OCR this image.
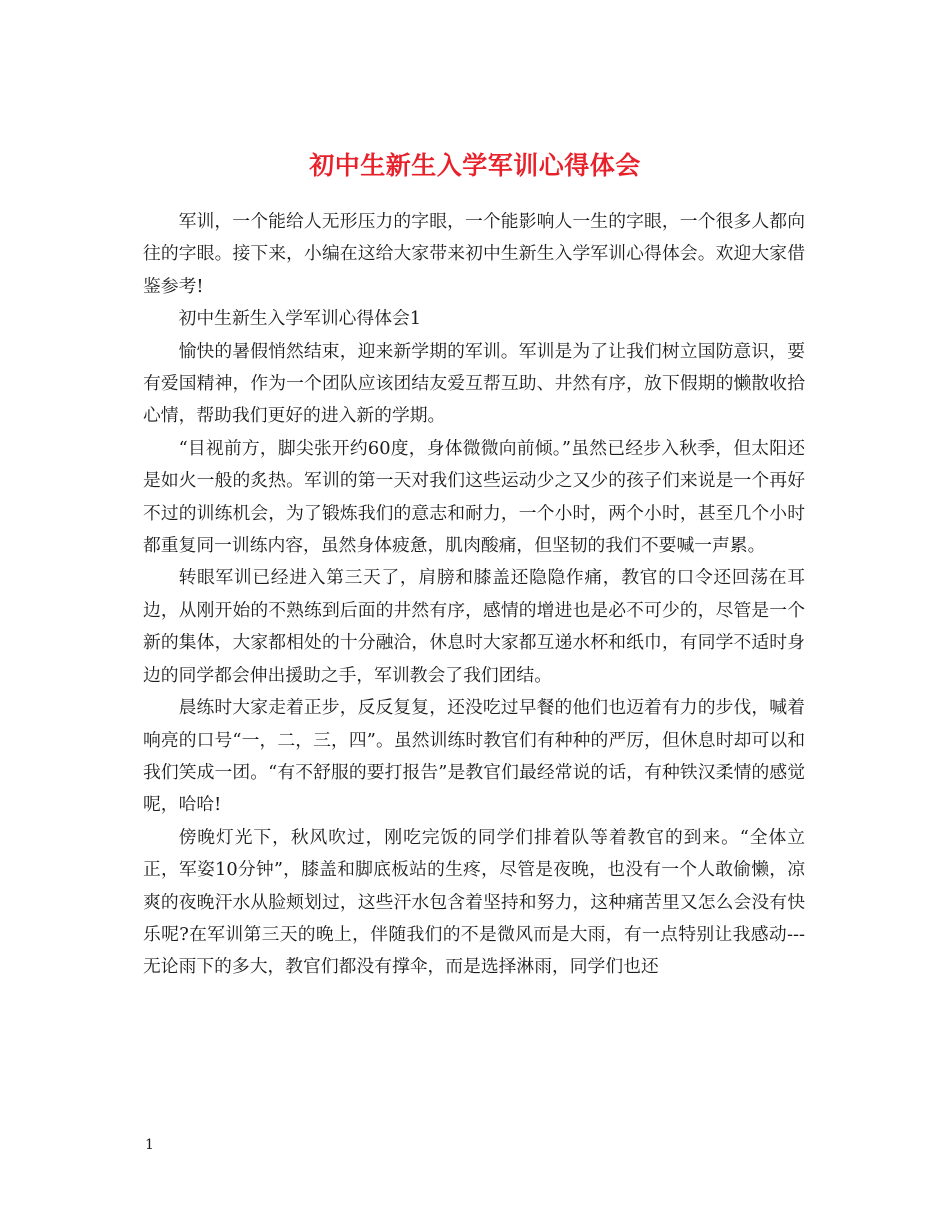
初中生新生入学军训心得体会

军训，一个能给人无形压力的字眼，一个能影响人一生的字眼，一个很多人都向往的字眼。接下来，小编在这给大家带来初中生新生入学军训心得体会。欢迎大家借鉴参考!

初中生新生入学军训心得体会1

愉快的暑假悄然结束，迎来新学期的军训。军训是为了让我们树立国防意识，要有爱国精神，作为一个团队应该团结友爱互帮互助、井然有序，放下假期的懒散收拾心情，帮助我们更好的进入新的学期。

“目视前方，脚尖张开约60度，身体微微向前倾。”虽然已经步入秋季，但太阳还是如火一般的炙热。军训的第一天对我们这些运动少之又少的孩子们来说是一个再好不过的训练机会，为了锻炼我们的意志和耐力，一个小时，两个小时，甚至几个小时都重复同一训练内容，虽然身体疲惫，肌肉酸痛，但坚韧的我们不要喊一声累。

转眼军训已经进入第三天了，肩膀和膝盖还隐隐作痛，教官的口令还回荡在耳边，从刚开始的不熟练到后面的井然有序，感情的增进也是必不可少的，尽管是一个新的集体，大家都相处的十分融洽，休息时大家都互递水杯和纸巾，有同学不适时身边的同学都会伸出援助之手，军训教会了我们团结。

晨练时大家走着正步，反反复复，还没吃过早餐的他们也迈着有力的步伐，喊着响亮的口号“一，二，三，四”。虽然训练时教官们有种种的严厉，但休息时却可以和我们笑成一团。“有不舒服的要打报告”是教官们最经常说的话，有种铁汉柔情的感觉呢，哈哈!

傍晚灯光下，秋风吹过，刚吃完饭的同学们排着队等着教官的到来。“全体立正，军姿10分钟”，膝盖和脚底板站的生疼，尽管是夜晚，也没有一个人敢偷懒，凉爽的夜晚汗水从脸颊划过，这些汗水包含着坚持和努力，这种痛苦里又怎么会没有快乐呢?在军训第三天的晚上，伴随我们的不是微风而是大雨，有一点特别让我感动---无论雨下的多大，教官们都没有撑伞，而是选择淋雨，同学们也还

1
